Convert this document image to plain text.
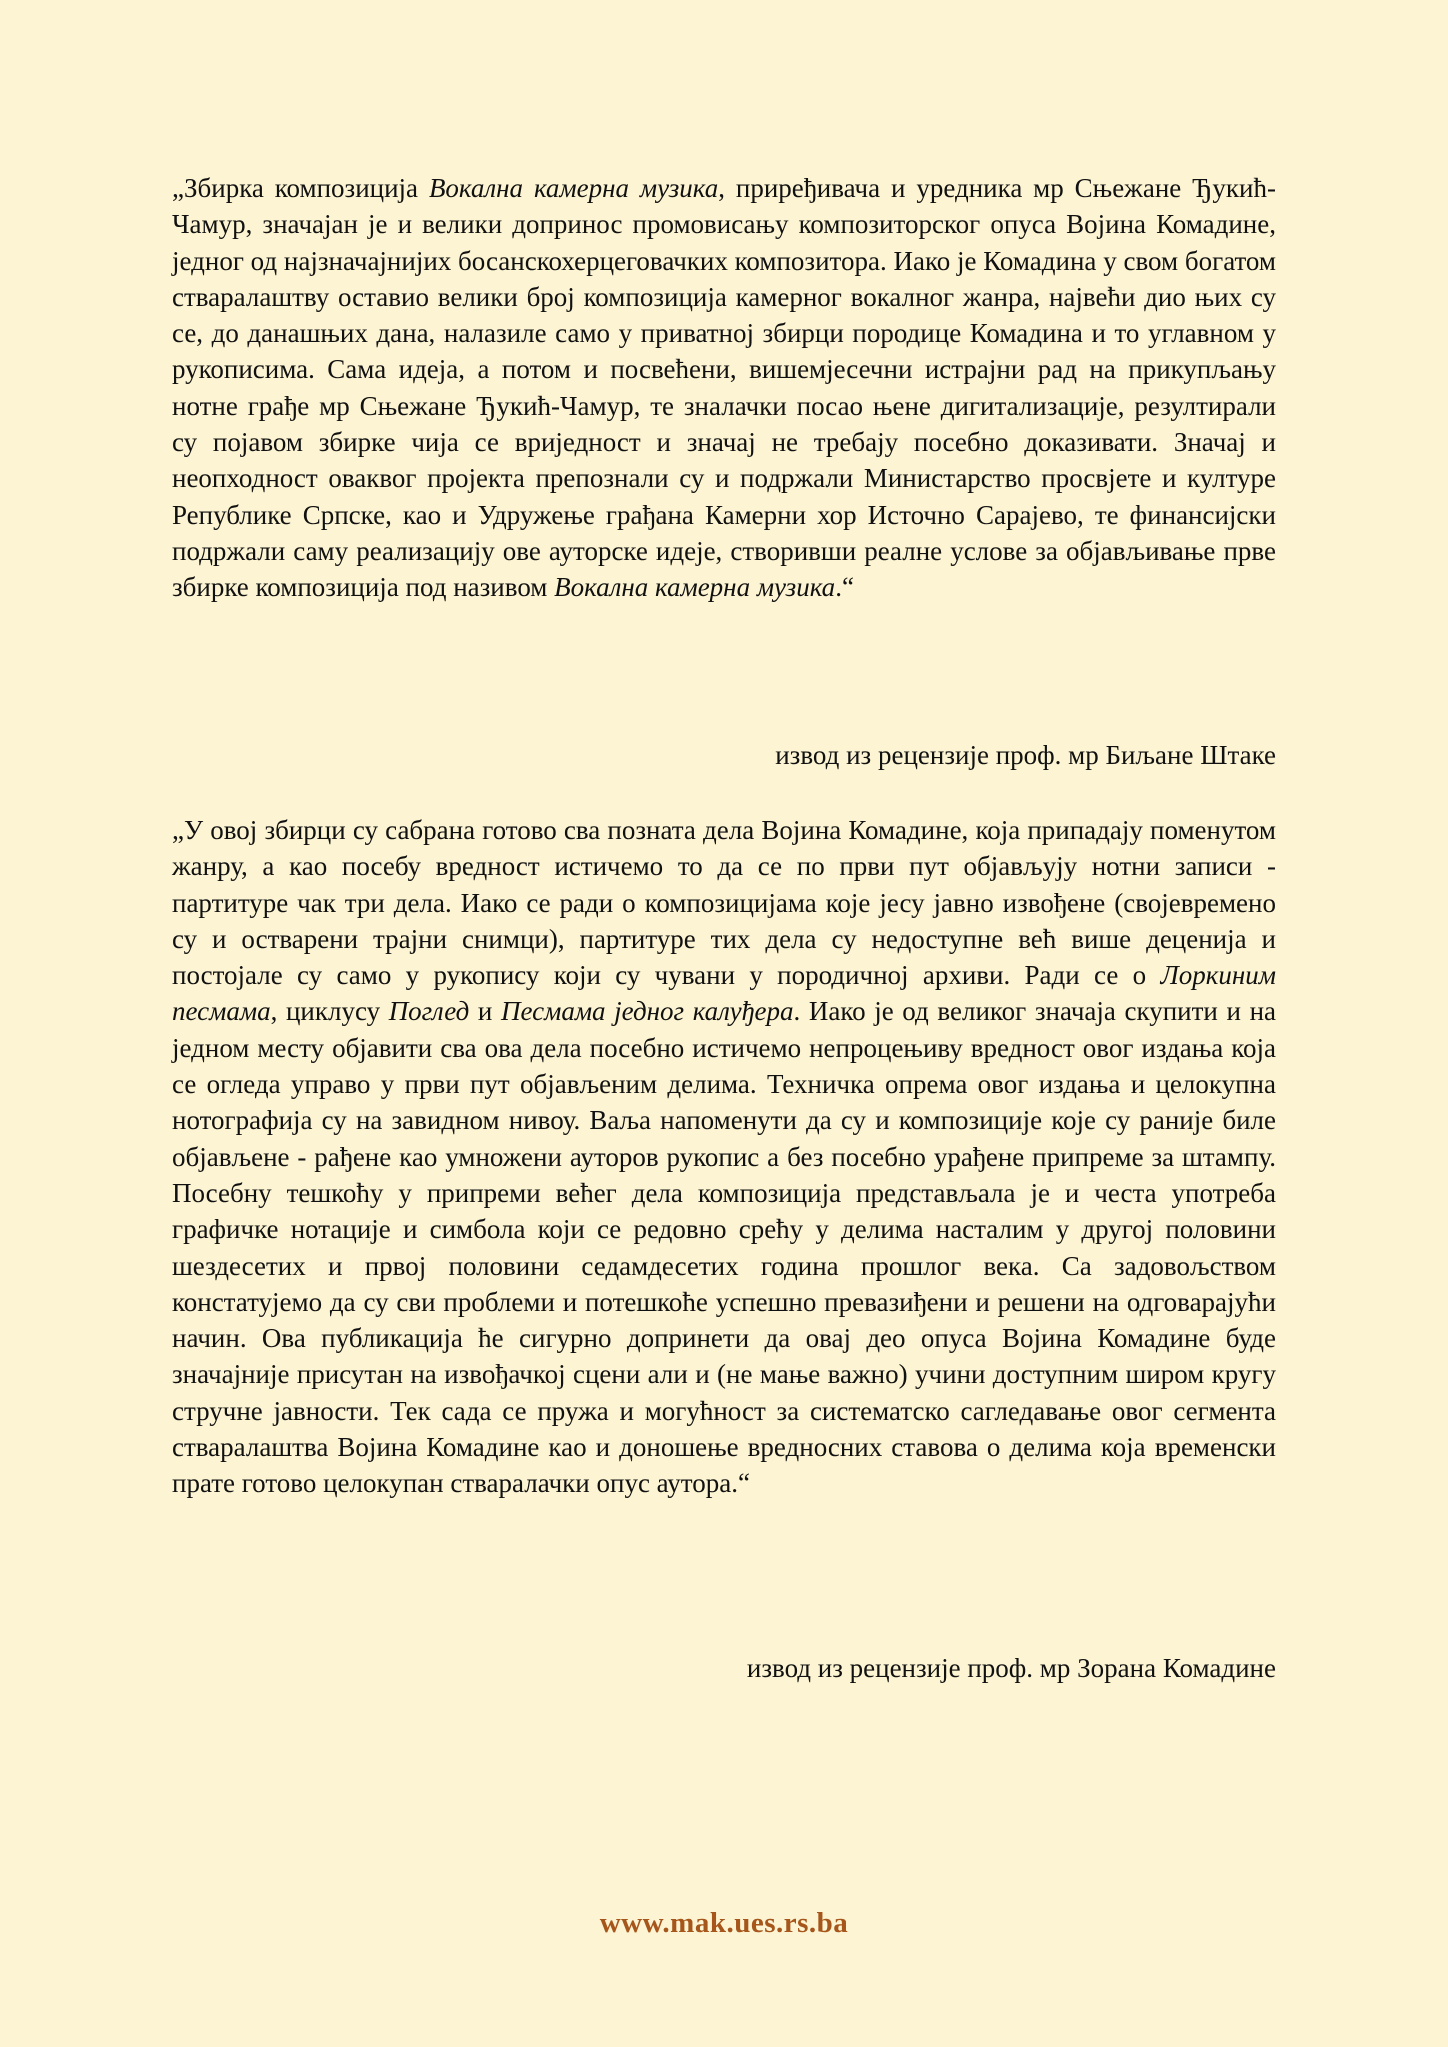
„Збирка композиција Вокална камерна музика, приређивача и уредника мр Сњежане Ђукић-Чамур, значајан је и велики допринос промовисању композиторског опуса Војина Комадине, једног од најзначајнијих босанскохерцеговачких композитора. Иако је Комадина у свом богатом стваралаштву оставио велики број композиција камерног вокалног жанра, највећи дио њих су се, до данашњих дана, налазиле само у приватној збирци породице Комадина и то углавном у рукописима. Сама идеја, а потом и посвећени, вишемјесечни истрајни рад на прикупљању нотне грађе мр Сњежане Ђукић-Чамур, те зналачки посао њене дигитализације, резултирали су појавом збирке чија се вриједност и значај не требају посебно доказивати. Значај и неопходност оваквог пројекта препознали су и подржали Министарство просвјете и културе Републике Српске, као и Удружење грађана Камерни хор Источно Сарајево, те финансијски подржали саму реализацију ове ауторске идеје, створивши реалне услове за објављивање прве збирке композиција под називом Вокална камерна музика.“

извод из рецензије проф. мр Биљане Штаке

„У овој збирци су сабрана готово сва позната дела Војина Комадине, која припадају поменутом жанру, а као посебу вредност истичемо то да се по први пут објављују нотни записи - партитуре чак три дела. Иако се ради о композицијама које јесу јавно извођене (својевремено су и остварени трајни снимци), партитуре тих дела су недоступне већ више деценија и постојале су само у рукопису који су чувани у породичној архиви. Ради се о Лоркиним песмама, циклусу Поглед и Песмама једног калуђера. Иако је од великог значаја скупити и на једном месту објавити сва ова дела посебно истичемо непроцењиву вредност овог издања која се огледа управо у први пут објављеним делима. Техничка опрема овог издања и целокупна нотографија су на завидном нивоу. Ваља напоменути да су и композиције које су раније биле објављене - рађене као умножени ауторов рукопис а без посебно урађене припреме за штампу. Посебну тешкоћу у припреми већег дела композиција представљала је и честа употреба графичке нотације и симбола који се редовно срећу у делима насталим у другој половини шездесетих и првој половини седамдесетих година прошлог века. Са задовољством констатујемо да су сви проблеми и потешкоће успешно превазиђени и решени на одговарајући начин. Ова публикација ће сигурно допринети да овај део опуса Војина Комадине буде значајније присутан на извођачкој сцени али и (не мање важно) учини доступним широм кругу стручне јавности. Тек сада се пружа и могућност за систематско сагледавање овог сегмента стваралаштва Војина Комадине као и доношење вредносних ставова о делима која временски прате готово целокупан стваралачки опус аутора.“

извод из рецензије проф. мр Зорана Комадине
www.mak.ues.rs.ba
